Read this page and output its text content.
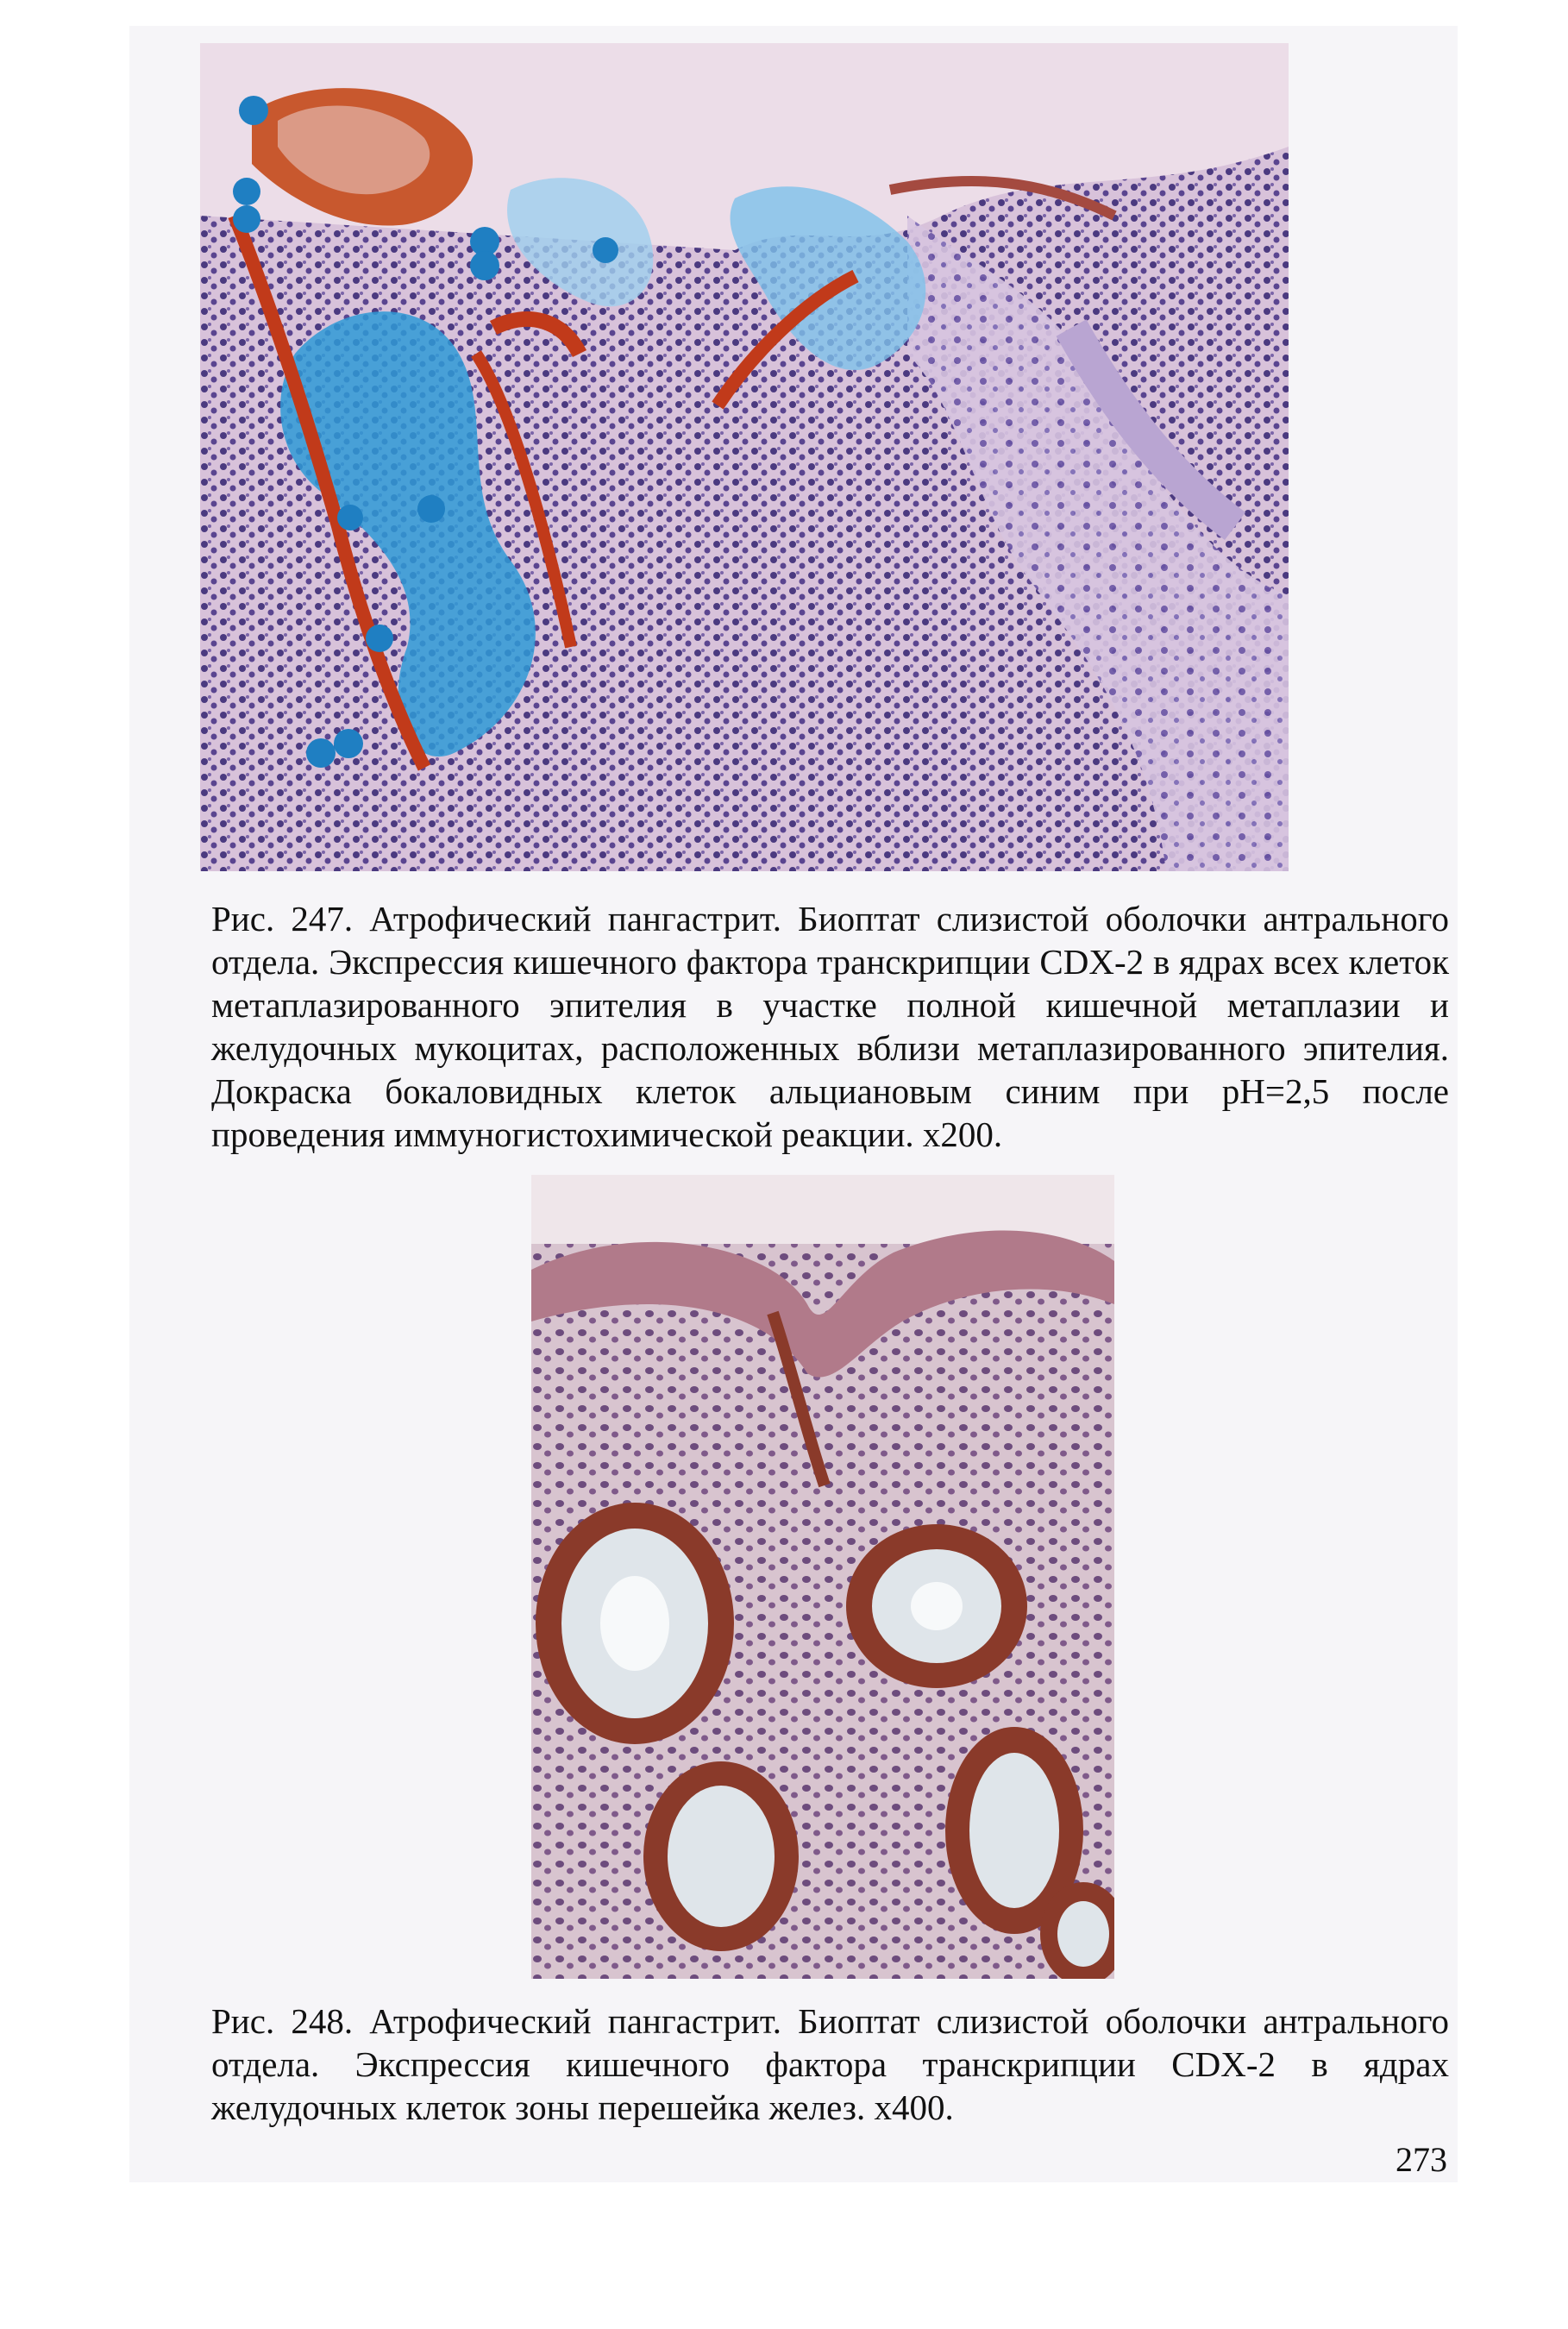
Рис. 247. Атрофический пангастрит. Биоптат слизистой оболочки антрального отдела. Экспрессия кишечного фактора транскрипции CDX-2 в ядрах всех клеток метаплазированного эпителия в участке полной кишечной метаплазии и желудочных мукоцитах, расположенных вблизи метаплазированного эпителия. Докраска бокаловидных клеток альциановым синим при pH=2,5 после проведения иммуногистохимической реакции. х200.
Рис. 248. Атрофический пангастрит. Биоптат слизистой оболочки антрального отдела. Экспрессия кишечного фактора транскрипции CDX-2 в ядрах желудочных клеток зоны перешейка желез. х400.
273
